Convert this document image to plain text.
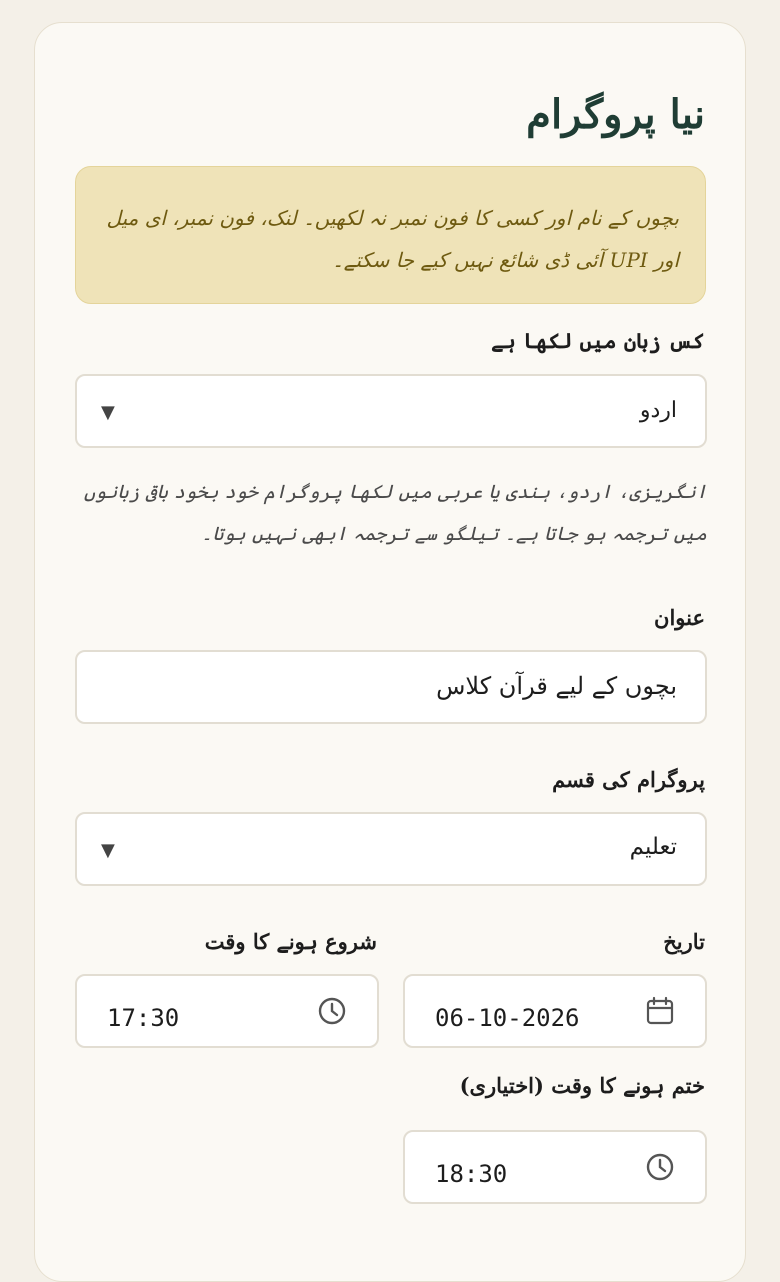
نیا پروگرام
بچوں کے نام اور کسی کا فون نمبر نہ لکھیں۔ لنک، فون نمبر، ای میل اور UPI آئی ڈی شائع نہیں کیے جا سکتے۔
کس زبان میں لکھا ہے
اردو
▼
انگریزی، اردو، ہندی یا عربی میں لکھا پروگرام خود بخود باقی زبانوں میں ترجمہ ہو جاتا ہے۔ تیلگو سے ترجمہ ابھی نہیں ہوتا۔
عنوان
بچوں کے لیے قرآن کلاس
پروگرام کی قسم
تعلیم
▼
تاریخ
06-10-2026
شروع ہونے کا وقت
17:30
ختم ہونے کا وقت (اختیاری)
18:30
